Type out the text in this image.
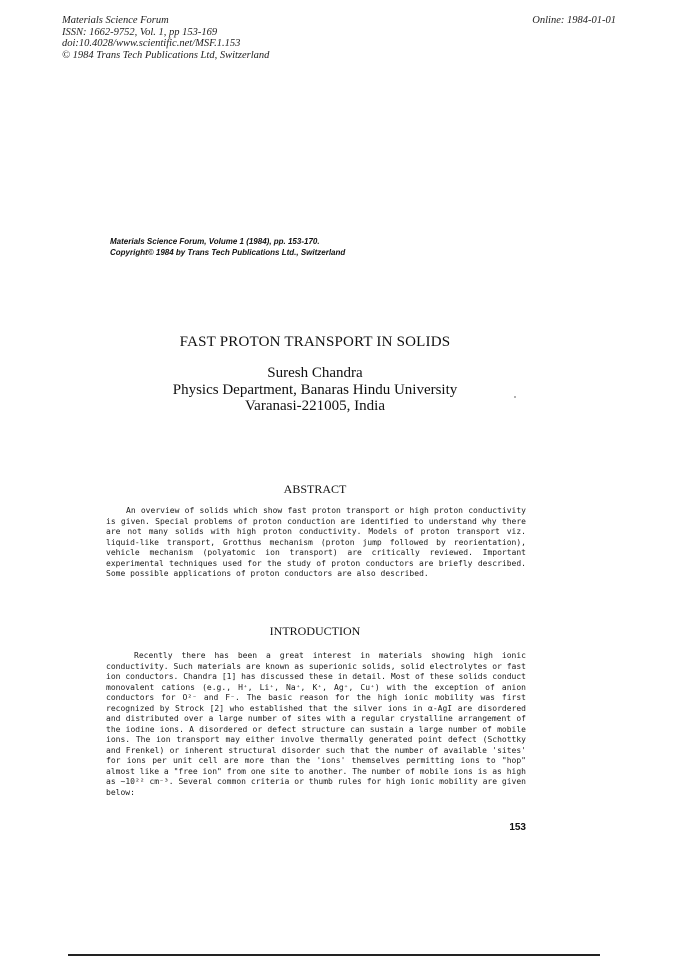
Materials Science Forum
ISSN: 1662-9752, Vol. 1, pp 153-169
doi:10.4028/www.scientific.net/MSF.1.153
© 1984 Trans Tech Publications Ltd, Switzerland
Online: 1984-01-01
Materials Science Forum, Volume 1 (1984), pp. 153-170.
Copyright© 1984 by Trans Tech Publications Ltd., Switzerland
FAST PROTON TRANSPORT IN SOLIDS
Suresh Chandra
Physics Department, Banaras Hindu University
Varanasi-221005, India
ABSTRACT
An overview of solids which show fast proton transport or high proton conductivity is given. Special problems of proton conduction are identified to understand why there are not many solids with high proton conductivity. Models of proton transport viz. liquid-like transport, Grotthus mechanism (proton jump followed by reorientation), vehicle mechanism (polyatomic ion transport) are critically reviewed. Important experimental techniques used for the study of proton conductors are briefly described. Some possible applications of proton conductors are also described.
INTRODUCTION
Recently there has been a great interest in materials showing high ionic conductivity. Such materials are known as superionic solids, solid electrolytes or fast ion conductors. Chandra [1] has discussed these in detail. Most of these solids conduct monovalent cations (e.g., H⁺, Li⁺, Na⁺, K⁺, Ag⁺, Cu⁺) with the exception of anion conductors for O²⁻ and F⁻. The basic reason for the high ionic mobility was first recognized by Strock [2] who established that the silver ions in α-AgI are disordered and distributed over a large number of sites with a regular crystalline arrangement of the iodine ions. A disordered or defect structure can sustain a large number of mobile ions. The ion transport may either involve thermally generated point defect (Schottky and Frenkel) or inherent structural disorder such that the number of available 'sites' for ions per unit cell are more than the 'ions' themselves permitting ions to "hop" almost like a "free ion" from one site to another. The number of mobile ions is as high as ~10²² cm⁻³. Several common criteria or thumb rules for high ionic mobility are given below:
153
